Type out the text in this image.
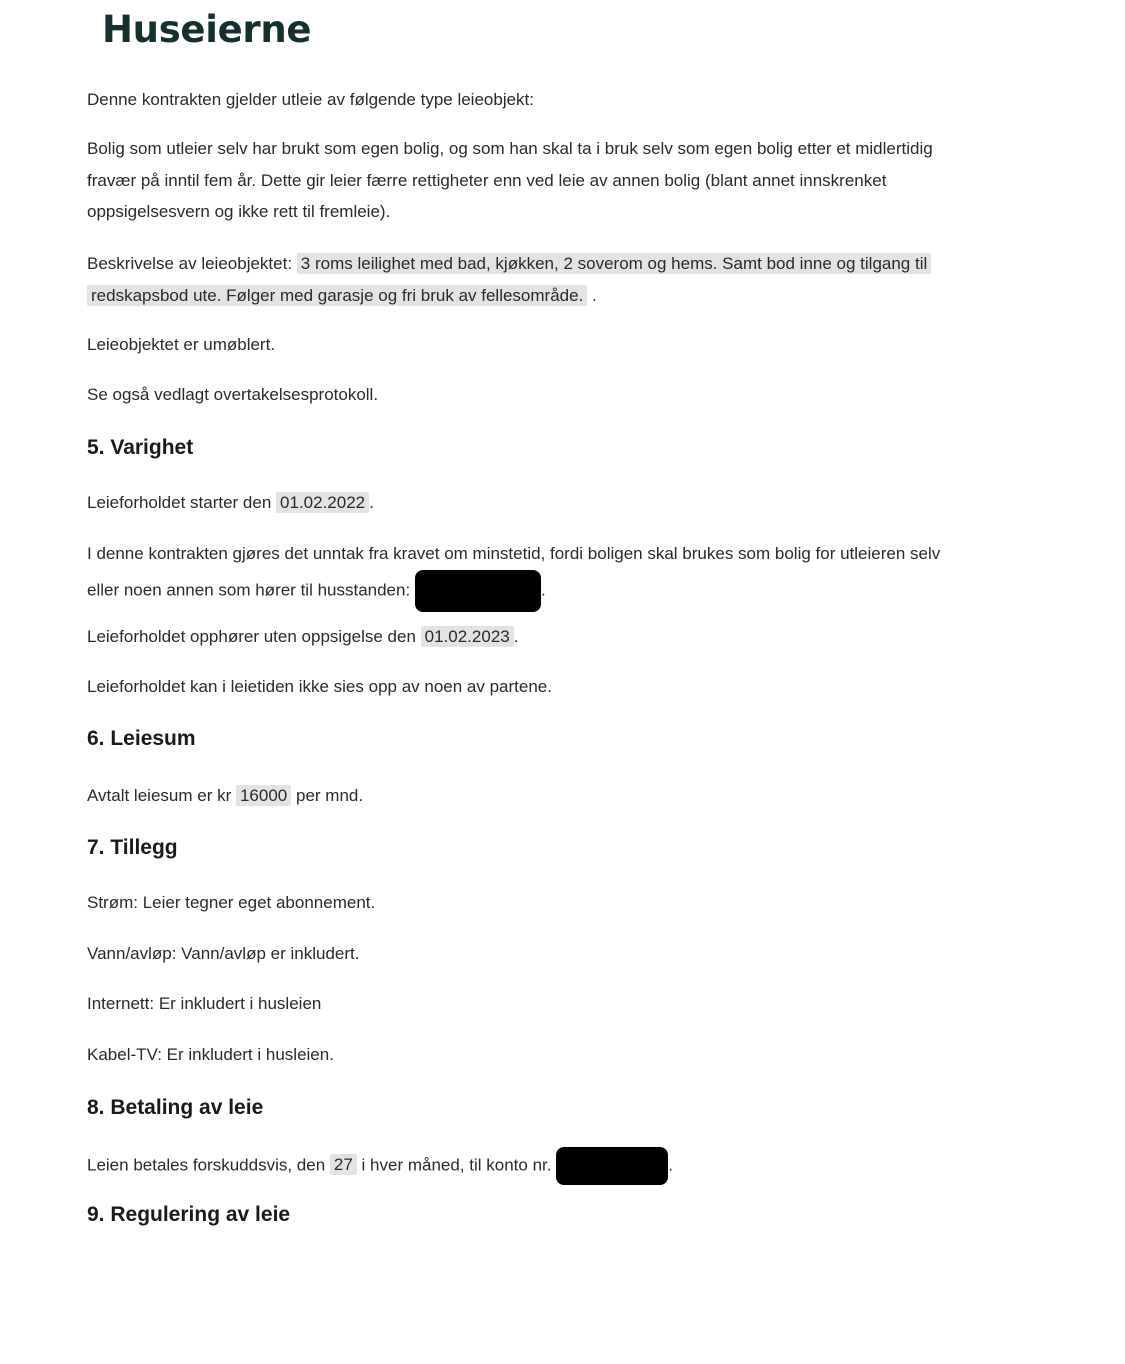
Huseierne

Denne kontrakten gjelder utleie av følgende type leieobjekt:

Bolig som utleier selv har brukt som egen bolig, og som han skal ta i bruk selv som egen bolig etter et midlertidig
fravær på inntil fem år. Dette gir leier færre rettigheter enn ved leie av annen bolig (blant annet innskrenket
oppsigelsesvern og ikke rett til fremleie).

Beskrivelse av leieobjektet: 3 roms leilighet med bad, kjøkken, 2 soverom og hems. Samt bod inne og tilgang til
redskapsbod ute. Følger med garasje og fri bruk av fellesområde. .

Leieobjektet er umøblert.

Se også vedlagt overtakelsesprotokoll.

5. Varighet

Leieforholdet starter den 01.02.2022 .

I denne kontrakten gjøres det unntak fra kravet om minstetid, fordi boligen skal brukes som bolig for utleieren selv
eller noen annen som hører til husstanden:	.

Leieforholdet opphører uten oppsigelse den 01.02.2023 .

Leieforholdet kan i leietiden ikke sies opp av noen av partene.

6. Leiesum

Avtalt leiesum er kr 16000 per mnd.

7. Tillegg

Strøm: Leier tegner eget abonnement.

Vann/avløp: Vann/avløp er inkludert.

Internett: Er inkludert i husleien

Kabel-TV: Er inkludert i husleien.

8. Betaling av leie

Leien betales forskuddsvis, den 27 i hver måned, til konto nr.	.

9. Regulering av leie
